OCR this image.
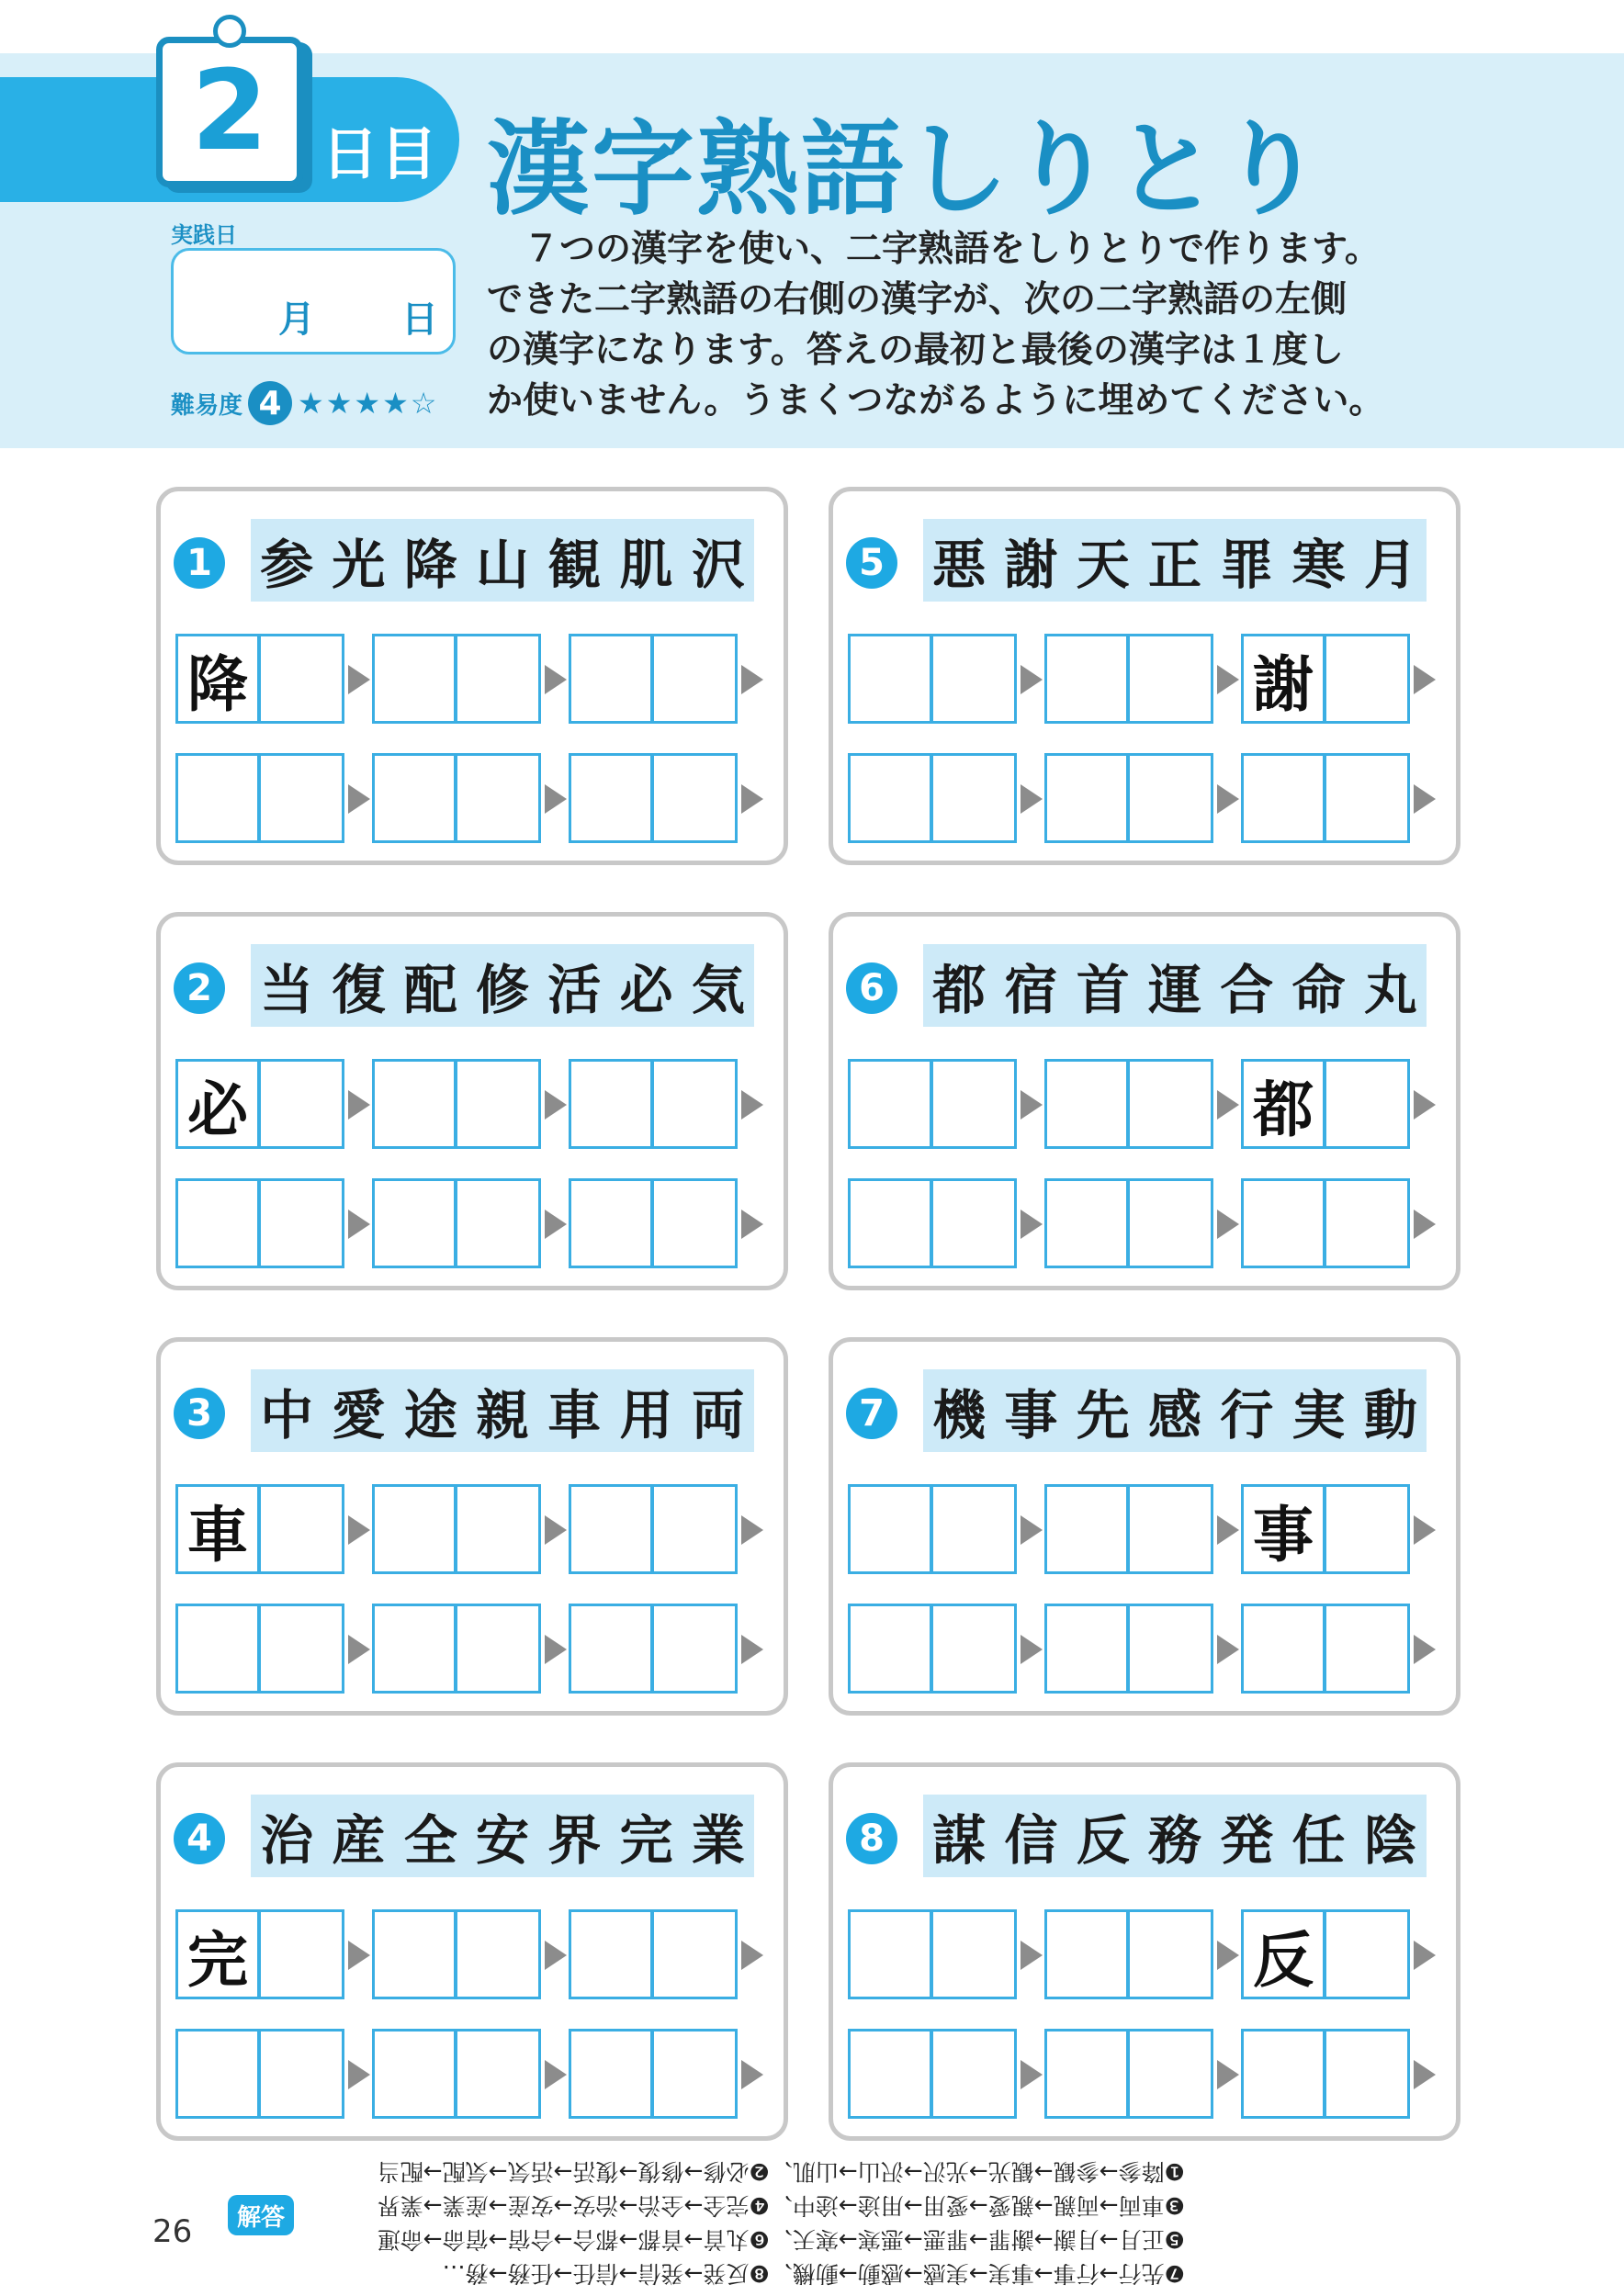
2 日目 漢字熟語しりとり
実践日
月 日
難易度 4 ★★★★☆

７つの漢字を使い、二字熟語をしりとりで作ります。

できた二字熟語の右側の漢字が、次の二字熟語の左側

の漢字になります。答えの最初と最後の漢字は１度し

か使いません。うまくつながるように埋めてください。

1 参 光 降 山 観 肌 沢
降
2 当 復 配 修 活 必 気
必
3 中 愛 途 親 車 用 両
車
4 治 産 全 安 界 完 業
完
5 悪 謝 天 正 罪 寒 月
謝
6 都 宿 首 運 合 命 丸
都
7 機 事 先 感 行 実 動
事
8 謀 信 反 務 発 任 陰
反
26	解答
❼先行→行事→事実→実感→感動→動機、❽反発→発信→信任→任務→務…
❺正月→月謝→謝罪→罪悪→悪寒→寒天、❻丸首→首都→都合→合宿→宿命→命運
❸車両→両親→親愛→愛用→用途→途中、❹完全→全治→治安→安産→産業→業界
❶降参→参観→観光→光沢→沢山→山肌、❷必修→修復→復活→活気→気配→配当
